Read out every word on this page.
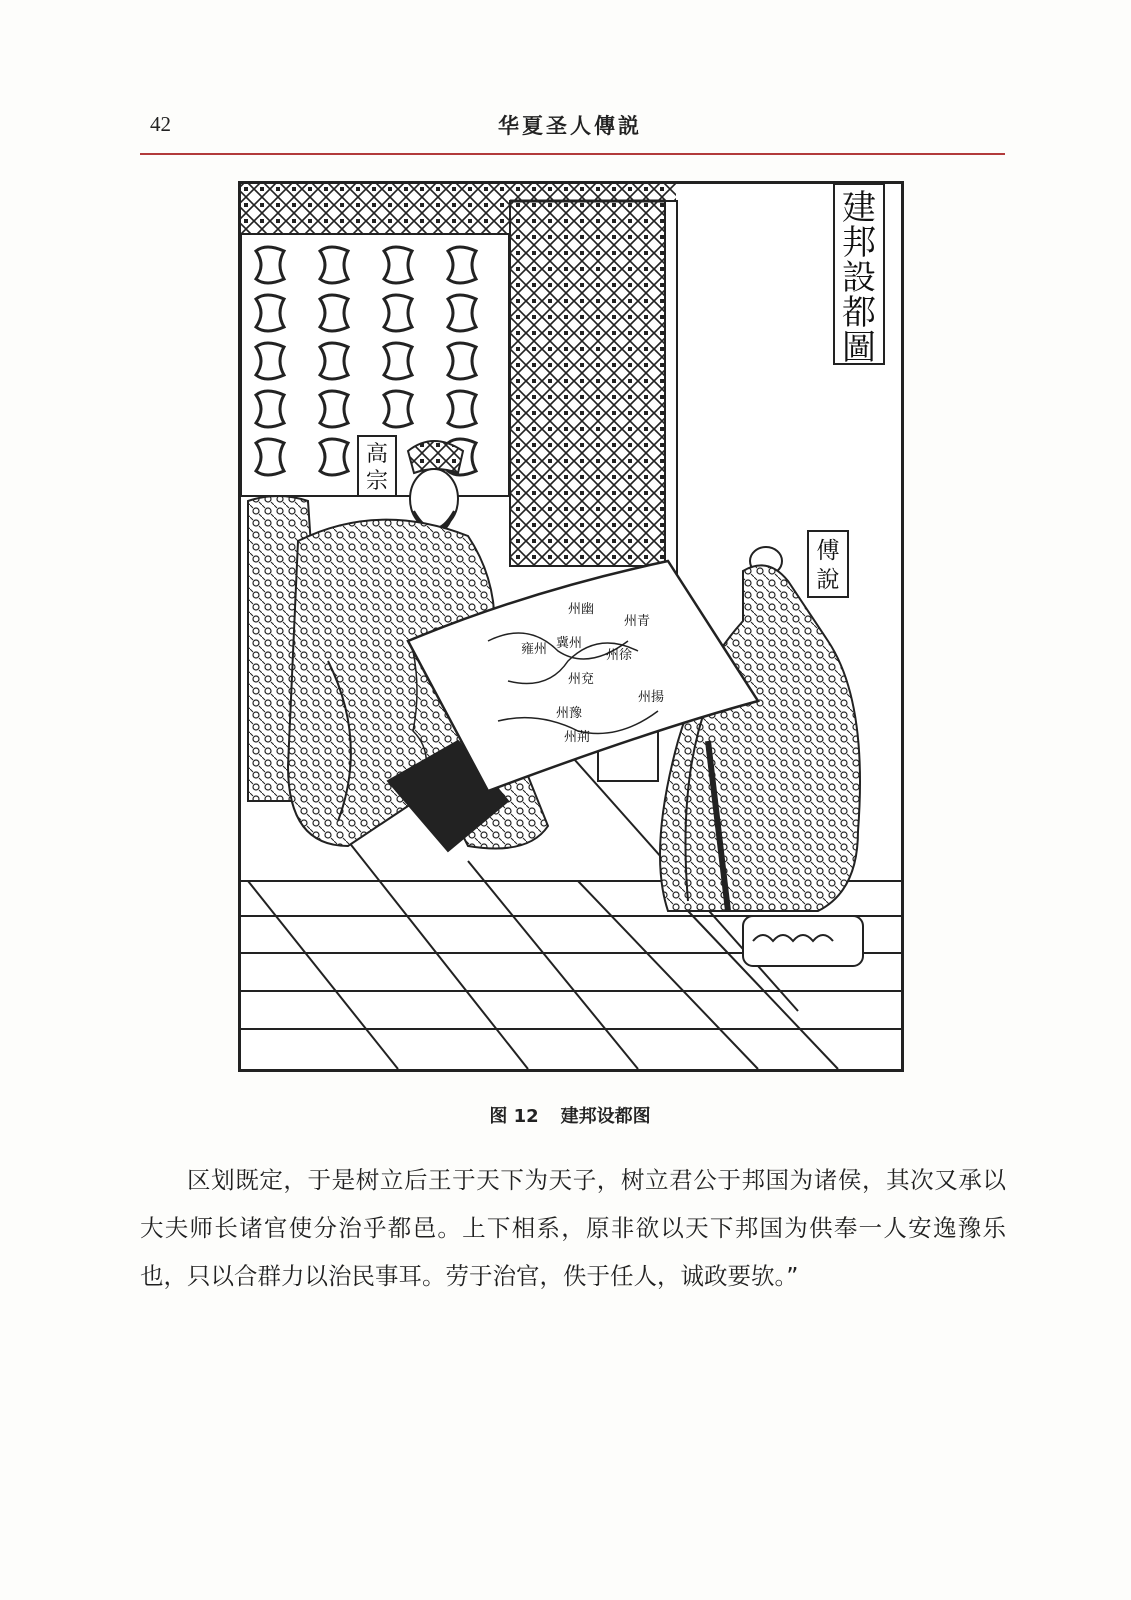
42	华夏圣人傳説
建
邦
設
都
圖
高
宗
傅
說
州幽
雍州 冀州
州兗
州青
州徐
州豫
州荊
州揚
图 12 建邦设都图

区划既定，于是树立后王于天下为天子，树立君公于邦国为诸侯，其次又承以大夫师长诸官使分治乎都邑。上下相系，原非欲以天下邦国为供奉一人安逸豫乐也，只以合群力以治民事耳。劳于治官，佚于任人，诚政要欤。”
